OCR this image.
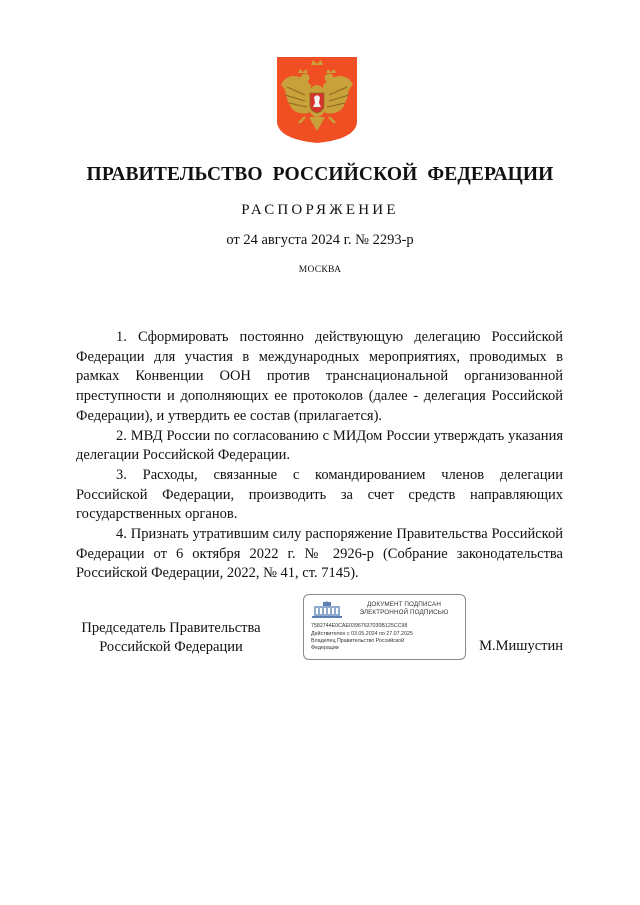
ПРАВИТЕЛЬСТВО РОССИЙСКОЙ ФЕДЕРАЦИИ
РАСПОРЯЖЕНИЕ
от 24 августа 2024 г. № 2293-р
МОСКВА

1. Сформировать постоянно действующую делегацию Российской Федерации для участия в международных мероприятиях, проводимых в рамках Конвенции ООН против транснациональной организованной преступности и дополняющих ее протоколов (далее - делегация Российской Федерации), и утвердить ее состав (прилагается).

2. МВД России по согласованию с МИДом России утверждать указания делегации Российской Федерации.

3. Расходы, связанные с командированием членов делегации Российской Федерации, производить за счет средств направляющих государственных органов.

4. Признать утратившим силу распоряжение Правительства Российской Федерации от 6 октября 2022 г. № 2926-р (Собрание законодательства Российской Федерации, 2022, № 41, ст. 7145).

Председатель Правительства
Российской Федерации
ДОКУМЕНТ ПОДПИСАН
ЭЛЕКТРОННОЙ ПОДПИСЬЮ
7582744E0CAE03967637030B125CC98
Действителен с 03.05.2024 по 27.07.2025
Владелец Правительство Российской
Федерации	М.Мишустин
